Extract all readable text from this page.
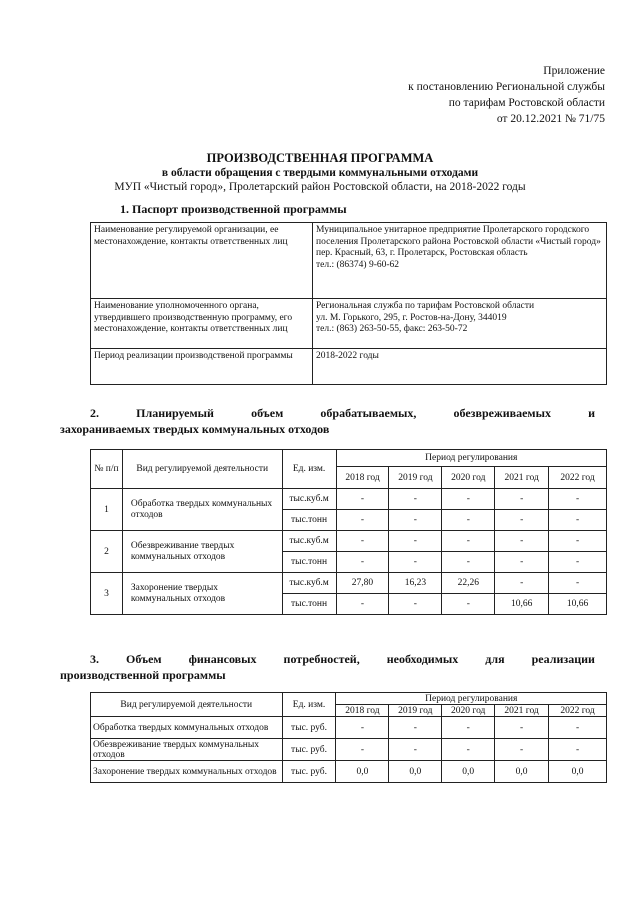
Приложение
к постановлению Региональной службы
по тарифам Ростовской области
от 20.12.2021 № 71/75
ПРОИЗВОДСТВЕННАЯ ПРОГРАММА
в области обращения с твердыми коммунальными отходами
МУП «Чистый город», Пролетарский район Ростовской области, на 2018-2022 годы
1. Паспорт производственной программы
Наименование регулируемой организации, ее местонахождение, контакты ответственных лиц	Муниципальное унитарное предприятие Пролетарского городского поселения Пролетарского района Ростовской области «Чистый город»
пер. Красный, 63, г. Пролетарск, Ростовская область
тел.: (86374) 9-60-62

Наименование уполномоченного органа, утвердившего производственную программу, его местонахождение, контакты ответственных лиц	Региональная служба по тарифам Ростовской области
ул. М. Горького, 295, г. Ростов-на-Дону, 344019
тел.: (863) 263-50-55, факс: 263-50-72

Период реализации производственой программы	2018-2022 годы
2.	Планируемый	объем	обрабатываемых,	обезвреживаемых	и
захораниваемых твердых коммунальных отходов
№ п/п	Вид регулируемой деятельности	Ед. изм.	Период регулирования				
			2018 год	2019 год	2020 год	2021 год	2022 год
1	Обработка твердых коммунальных отходов	тыс.куб.м	-	-	-	-	-
		тыс.тонн	-	-	-	-	-
2	Обезвреживание твердых коммунальных отходов	тыс.куб.м	-	-	-	-	-
		тыс.тонн	-	-	-	-	-
3	Захоронение твердых коммунальных отходов	тыс.куб.м	27,80	16,23	22,26	-	-
		тыс.тонн	-	-	-	10,66	10,66
3. Объем финансовых потребностей, необходимых для реализации
производственной программы
Вид регулируемой деятельности	Ед. изм.	Период регулирования				
		2018 год	2019 год	2020 год	2021 год	2022 год
Обработка твердых коммунальных отходов	тыс. руб.	-	-	-	-	-
Обезвреживание твердых коммунальных отходов	тыс. руб.	-	-	-	-	-
Захоронение твердых коммунальных отходов	тыс. руб.	0,0	0,0	0,0	0,0	0,0
